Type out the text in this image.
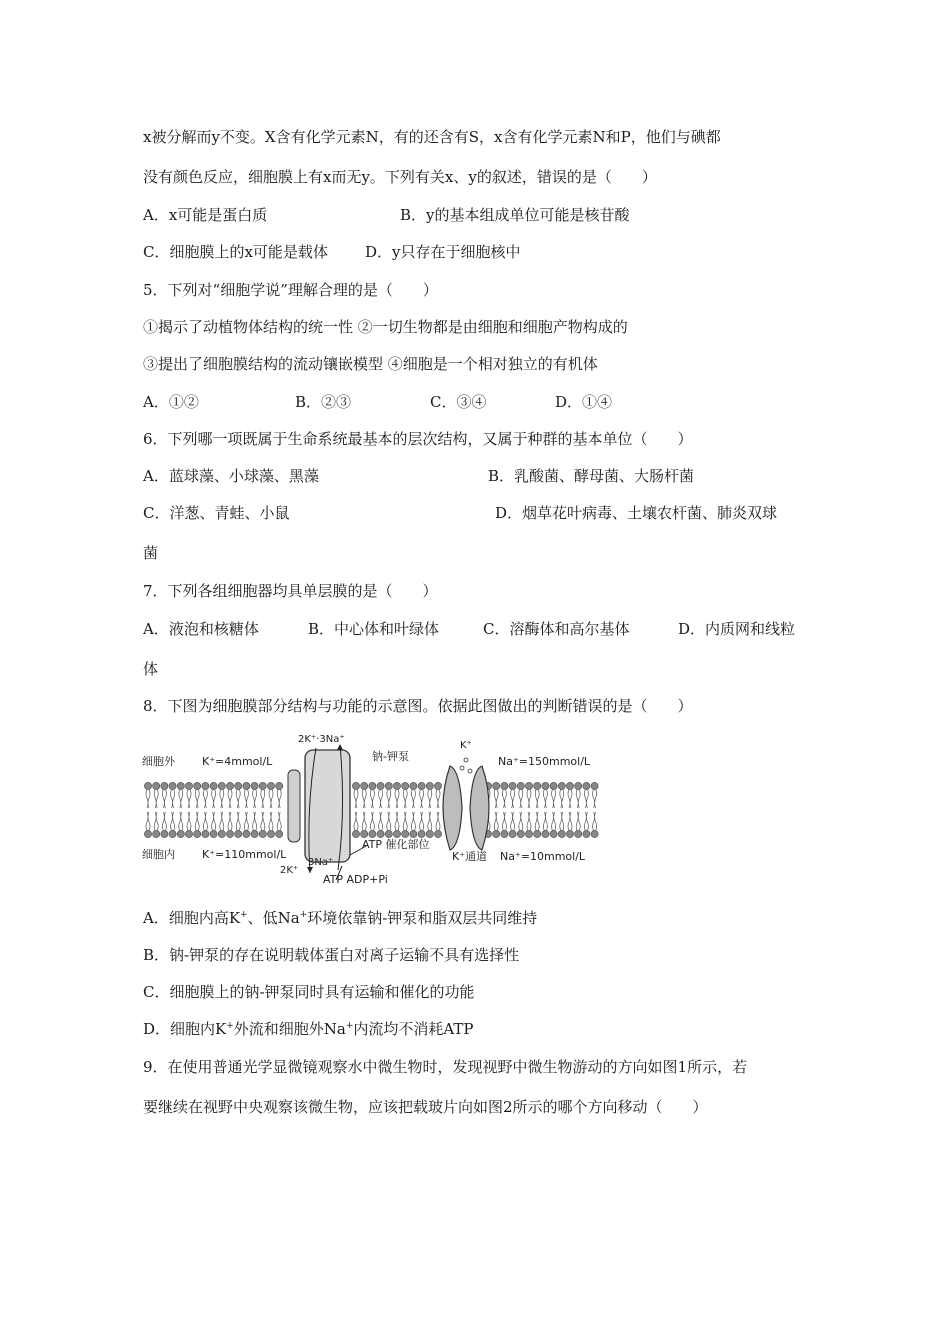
x被分解而y不变。X含有化学元素N，有的还含有S，x含有化学元素N和P，他们与碘都
没有颜色反应，细胞膜上有x而无y。下列有关x、y的叙述，错误的是（　　）
A．x可能是蛋白质	B．y的基本组成单位可能是核苷酸
C．细胞膜上的x可能是载体 D．y只存在于细胞核中
5．下列对“细胞学说”理解合理的是（　　）
①揭示了动植物体结构的统一性 ②一切生物都是由细胞和细胞产物构成的
③提出了细胞膜结构的流动镶嵌模型 ④细胞是一个相对独立的有机体
A．①②	B．②③	C．③④	D．①④
6．下列哪一项既属于生命系统最基本的层次结构，又属于种群的基本单位（　　）
A．蓝球藻、小球藻、黑藻	B．乳酸菌、酵母菌、大肠杆菌
C．洋葱、青蛙、小鼠	D．烟草花叶病毒、土壤农杆菌、肺炎双球
菌
7．下列各组细胞器均具单层膜的是（　　）
A．液泡和核糖体	B．中心体和叶绿体	C．溶酶体和高尔基体	D．内质网和线粒
体
8．下图为细胞膜部分结构与功能的示意图。依据此图做出的判断错误的是（　　）
细胞外 K⁺=4mmol/L
2K⁺·3Na⁺
钠-钾泵
K⁺
Na⁺=150mmol/L
细胞内 K⁺=110mmol/L
ATP 催化部位
3Na⁺
2K⁺
ATP ADP+Pi
K⁺通道 Na⁺=10mmol/L
A．细胞内高K+、低Na+环境依靠钠-钾泵和脂双层共同维持
B．钠-钾泵的存在说明载体蛋白对离子运输不具有选择性
C．细胞膜上的钠-钾泵同时具有运输和催化的功能
D．细胞内K+外流和细胞外Na+内流均不消耗ATP
9．在使用普通光学显微镜观察水中微生物时，发现视野中微生物游动的方向如图1所示，若
要继续在视野中央观察该微生物，应该把载玻片向如图2所示的哪个方向移动（　　）
